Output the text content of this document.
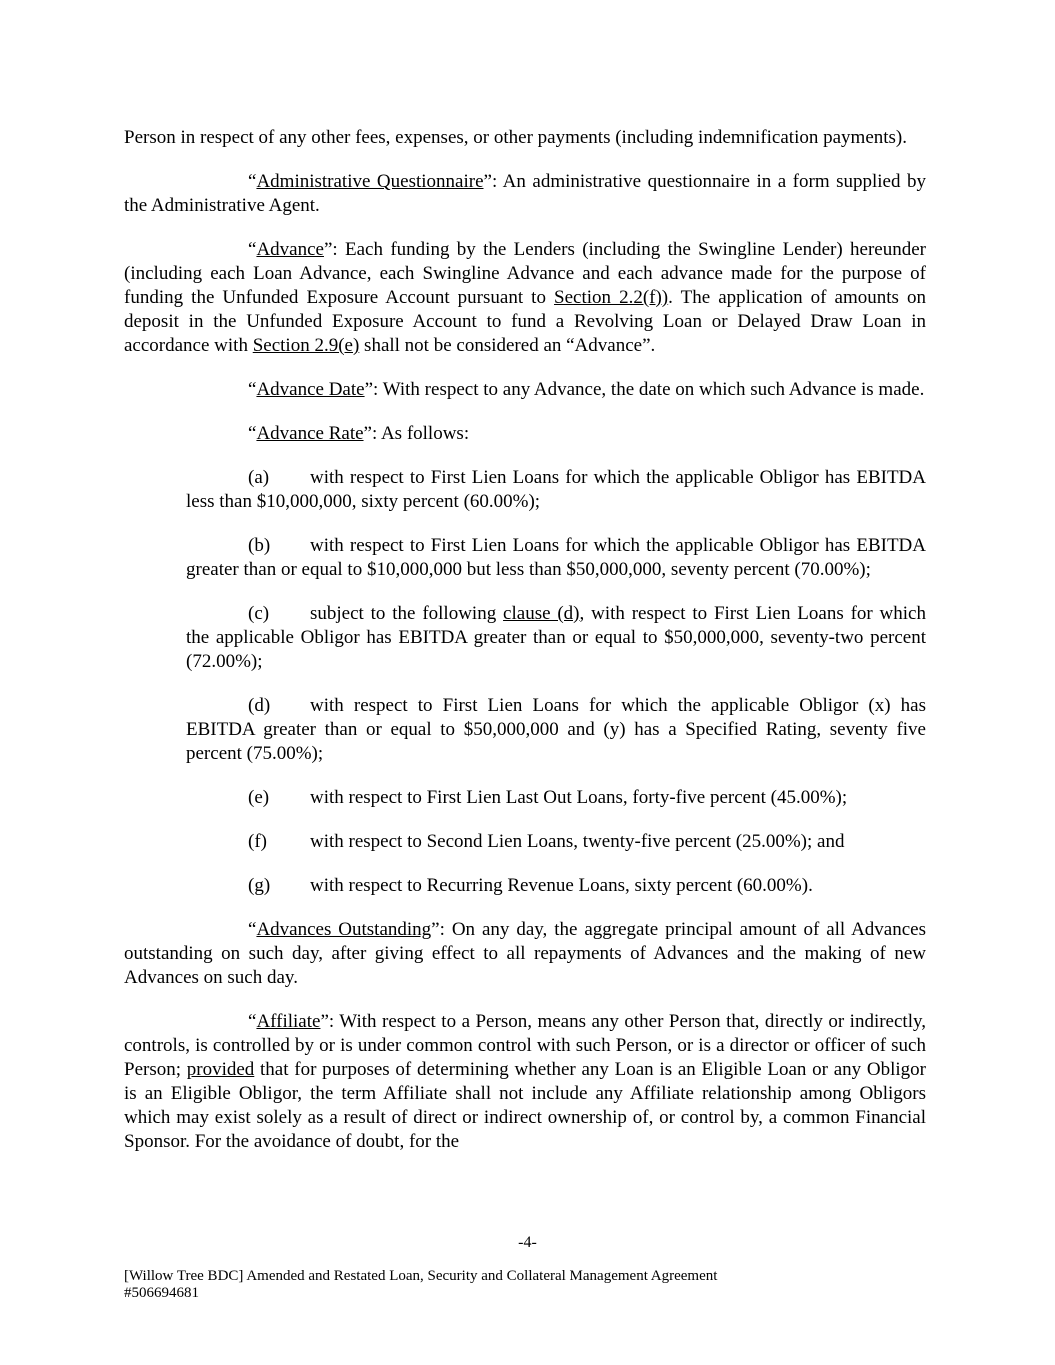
Person in respect of any other fees, expenses, or other payments (including indemnification payments).

“Administrative Questionnaire”: An administrative questionnaire in a form supplied by the Administrative Agent.

“Advance”: Each funding by the Lenders (including the Swingline Lender) hereunder (including each Loan Advance, each Swingline Advance and each advance made for the purpose of funding the Unfunded Exposure Account pursuant to Section 2.2(f)). The application of amounts on deposit in the Unfunded Exposure Account to fund a Revolving Loan or Delayed Draw Loan in accordance with Section 2.9(e) shall not be considered an “Advance”.

“Advance Date”: With respect to any Advance, the date on which such Advance is made.

“Advance Rate”: As follows:

(a) with respect to First Lien Loans for which the applicable Obligor has EBITDA less than $10,000,000, sixty percent (60.00%);

(b) with respect to First Lien Loans for which the applicable Obligor has EBITDA greater than or equal to $10,000,000 but less than $50,000,000, seventy percent (70.00%);

(c) subject to the following clause (d), with respect to First Lien Loans for which the applicable Obligor has EBITDA greater than or equal to $50,000,000, seventy-two percent (72.00%);

(d) with respect to First Lien Loans for which the applicable Obligor (x) has EBITDA greater than or equal to $50,000,000 and (y) has a Specified Rating, seventy five percent (75.00%);

(e) with respect to First Lien Last Out Loans, forty-five percent (45.00%);

(f) with respect to Second Lien Loans, twenty-five percent (25.00%); and

(g) with respect to Recurring Revenue Loans, sixty percent (60.00%).

“Advances Outstanding”: On any day, the aggregate principal amount of all Advances outstanding on such day, after giving effect to all repayments of Advances and the making of new Advances on such day.

“Affiliate”: With respect to a Person, means any other Person that, directly or indirectly, controls, is controlled by or is under common control with such Person, or is a director or officer of such Person; provided that for purposes of determining whether any Loan is an Eligible Loan or any Obligor is an Eligible Obligor, the term Affiliate shall not include any Affiliate relationship among Obligors which may exist solely as a result of direct or indirect ownership of, or control by, a common Financial Sponsor. For the avoidance of doubt, for the

-4-
[Willow Tree BDC] Amended and Restated Loan, Security and Collateral Management Agreement
#506694681
